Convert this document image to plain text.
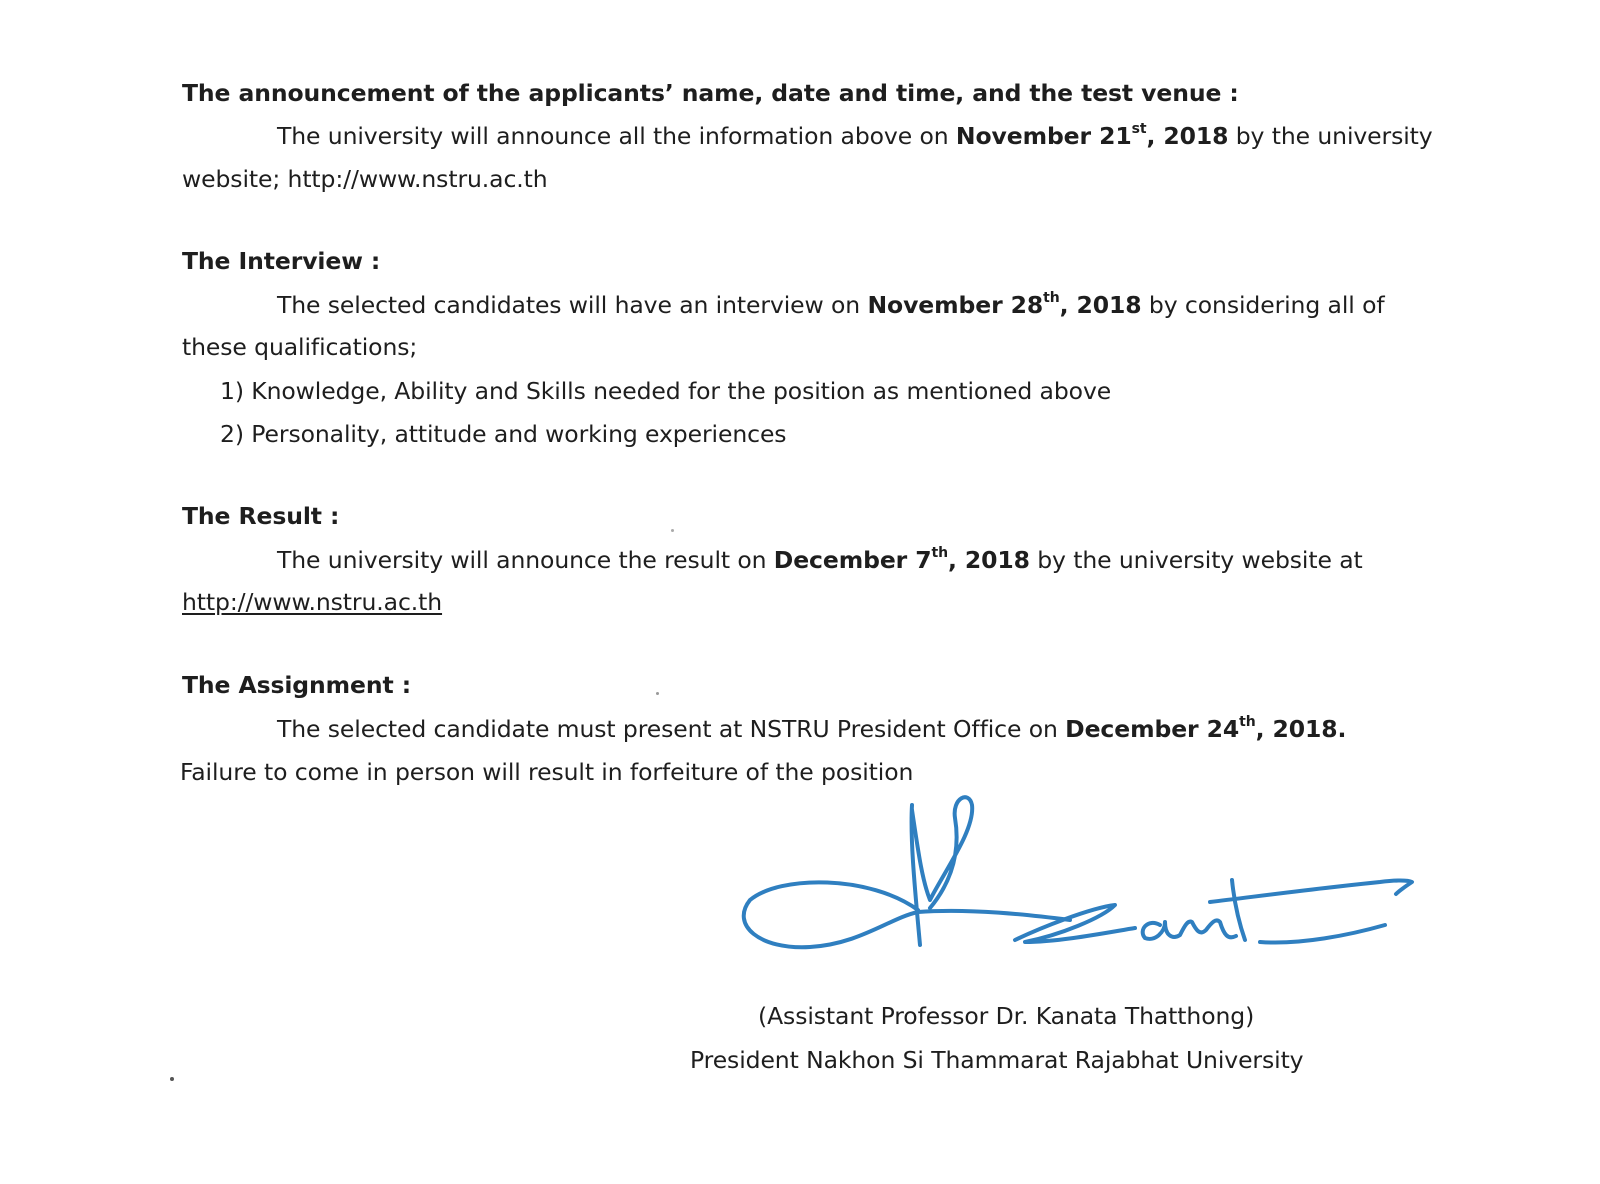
The announcement of the applicants’ name, date and time, and the test venue :
The university will announce all the information above on November 21st, 2018 by the university
website; http://www.nstru.ac.th
The Interview :
The selected candidates will have an interview on November 28th, 2018 by considering all of
these qualifications;
1) Knowledge, Ability and Skills needed for the position as mentioned above
2) Personality, attitude and working experiences
The Result :
The university will announce the result on December 7th, 2018 by the university website at
http://www.nstru.ac.th
The Assignment :
The selected candidate must present at NSTRU President Office on December 24th, 2018.
Failure to come in person will result in forfeiture of the position
(Assistant Professor Dr. Kanata Thatthong)
President Nakhon Si Thammarat Rajabhat University
